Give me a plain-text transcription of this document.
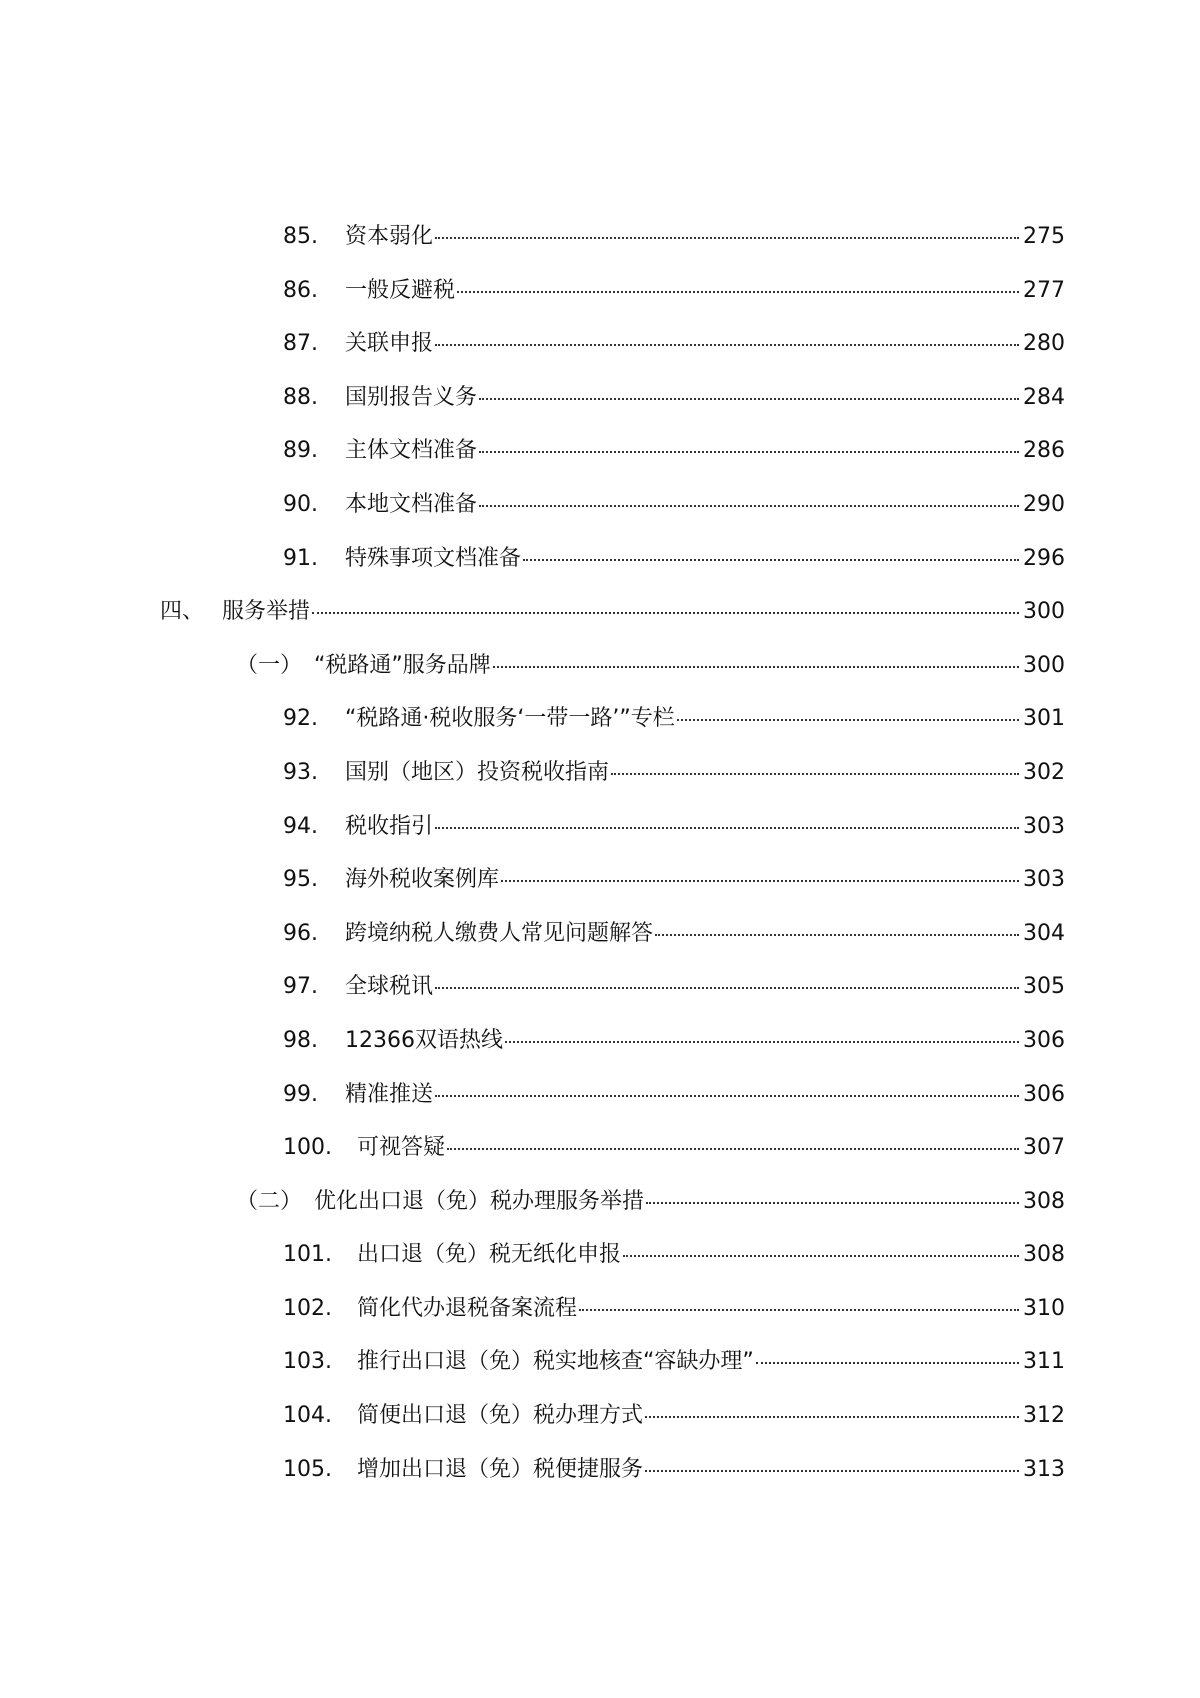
85.	资本弱化	275
86.	一般反避税	277
87.	关联申报	280
88.	国别报告义务	284
89.	主体文档准备	286
90.	本地文档准备	290
91.	特殊事项文档准备	296
四、 服务举措	300
（一） “税路通”服务品牌	300
92.	“税路通·税收服务‘一带一路’”专栏	301
93.	国别（地区）投资税收指南	302
94.	税收指引	303
95.	海外税收案例库	303
96.	跨境纳税人缴费人常见问题解答	304
97.	全球税讯	305
98.	12366双语热线	306
99.	精准推送	306
100.	可视答疑	307
（二） 优化出口退（免）税办理服务举措	308
101.	出口退（免）税无纸化申报	308
102.	简化代办退税备案流程	310
103.	推行出口退（免）税实地核查“容缺办理”	311
104.	简便出口退（免）税办理方式	312
105.	增加出口退（免）税便捷服务	313
